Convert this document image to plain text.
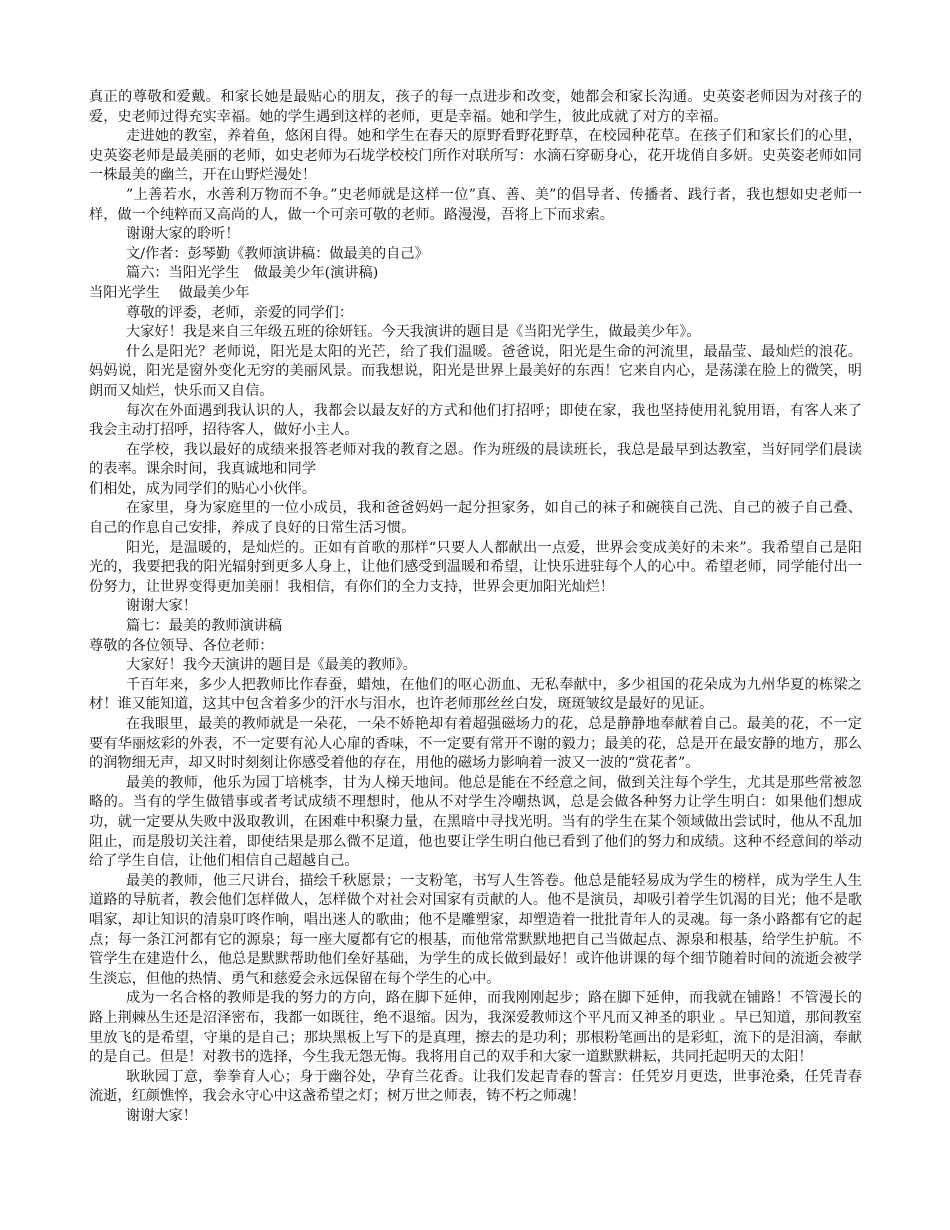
真正的尊敬和爱戴。和家长她是最贴心的朋友，孩子的每一点进步和改变，她都会和家长沟通。史英姿老师因为对孩子的爱，史老师过得充实幸福。她的学生遇到这样的老师，更是幸福。她和学生，彼此成就了对方的幸福。

走进她的教室，养着鱼，悠闲自得。她和学生在春天的原野看野花野草，在校园种花草。在孩子们和家长们的心里，史英姿老师是最美丽的老师，如史老师为石垅学校校门所作对联所写：水滴石穿砺身心，花开垅俏自多妍。史英姿老师如同一株最美的幽兰，开在山野烂漫处！

”上善若水，水善利万物而不争。”史老师就是这样一位”真、善、美”的倡导者、传播者、践行者，我也想如史老师一样，做一个纯粹而又高尚的人，做一个可亲可敬的老师。路漫漫，吾将上下而求索。

谢谢大家的聆听！

文/作者：彭琴勤《教师演讲稿：做最美的自己》

篇六：当阳光学生　做最美少年(演讲稿)

当阳光学生　 做最美少年

尊敬的评委，老师，亲爱的同学们：

大家好！我是来自三年级五班的徐妍钰。今天我演讲的题目是《当阳光学生，做最美少年》。

什么是阳光？老师说，阳光是太阳的光芒，给了我们温暖。爸爸说，阳光是生命的河流里，最晶莹、最灿烂的浪花。妈妈说，阳光是窗外变化无穷的美丽风景。而我想说，阳光是世界上最美好的东西！它来自内心，是荡漾在脸上的微笑，明朗而又灿烂，快乐而又自信。

每次在外面遇到我认识的人，我都会以最友好的方式和他们打招呼；即使在家，我也坚持使用礼貌用语，有客人来了我会主动打招呼，招待客人，做好小主人。

在学校，我以最好的成绩来报答老师对我的教育之恩。作为班级的晨读班长，我总是最早到达教室，当好同学们晨读的表率。课余时间，我真诚地和同学

们相处，成为同学们的贴心小伙伴。

在家里，身为家庭里的一位小成员，我和爸爸妈妈一起分担家务，如自己的袜子和碗筷自己洗、自己的被子自己叠、自己的作息自己安排，养成了良好的日常生活习惯。

阳光，是温暖的，是灿烂的。正如有首歌的那样“只要人人都献出一点爱，世界会变成美好的未来”。我希望自己是阳光的，我要把我的阳光辐射到更多人身上，让他们感受到温暖和希望，让快乐进驻每个人的心中。希望老师，同学能付出一份努力，让世界变得更加美丽！我相信，有你们的全力支持，世界会更加阳光灿烂！

谢谢大家！

篇七：最美的教师演讲稿

尊敬的各位领导、各位老师：

大家好！我今天演讲的题目是《最美的教师》。

千百年来，多少人把教师比作春蚕，蜡烛，在他们的呕心沥血、无私奉献中，多少祖国的花朵成为九州华夏的栋梁之材！谁又能知道，这其中包含着多少的汗水与泪水，也许老师那丝丝白发，斑斑皱纹是最好的见证。

在我眼里，最美的教师就是一朵花，一朵不娇艳却有着超强磁场力的花，总是静静地奉献着自己。最美的花，不一定要有华丽炫彩的外表，不一定要有沁人心扉的香味，不一定要有常开不谢的毅力；最美的花，总是开在最安静的地方，那么的润物细无声，却又时时刻刻让你感受着他的存在，用他的磁场力影响着一波又一波的“赏花者”。

最美的教师，他乐为园丁培桃李，甘为人梯天地间。他总是能在不经意之间，做到关注每个学生，尤其是那些常被忽略的。当有的学生做错事或者考试成绩不理想时，他从不对学生冷嘲热讽，总是会做各种努力让学生明白：如果他们想成功，就一定要从失败中汲取教训，在困难中积聚力量，在黑暗中寻找光明。当有的学生在某个领域做出尝试时，他从不乱加阻止，而是殷切关注着，即使结果是那么微不足道，他也要让学生明白他已看到了他们的努力和成绩。这种不经意间的举动给了学生自信，让他们相信自己超越自己。

最美的教师，他三尺讲台，描绘千秋愿景；一支粉笔，书写人生答卷。他总是能轻易成为学生的榜样，成为学生人生道路的导航者，教会他们怎样做人，怎样做个对社会对国家有贡献的人。他不是演员，却吸引着学生饥渴的目光；他不是歌唱家，却让知识的清泉叮咚作响，唱出迷人的歌曲；他不是雕塑家，却塑造着一批批青年人的灵魂。每一条小路都有它的起点；每一条江河都有它的源泉；每一座大厦都有它的根基，而他常常默默地把自己当做起点、源泉和根基，给学生护航。不管学生在建造什么，他总是默默帮助他们垒好基础，为学生的成长做到最好！或许他讲课的每个细节随着时间的流逝会被学生淡忘，但他的热情、勇气和慈爱会永远保留在每个学生的心中。

成为一名合格的教师是我的努力的方向，路在脚下延伸，而我刚刚起步；路在脚下延伸，而我就在铺路！不管漫长的路上荆棘丛生还是沼泽密布，我都一如既往，绝不退缩。因为，我深爱教师这个平凡而又神圣的职业 。早已知道，那间教室里放飞的是希望，守巢的是自己；那块黑板上写下的是真理，擦去的是功利；那根粉笔画出的是彩虹，流下的是泪滴，奉献的是自己。但是！对教书的选择，今生我无怨无悔。我将用自己的双手和大家一道默默耕耘，共同托起明天的太阳！

耿耿园丁意，拳拳育人心；身于幽谷处，孕育兰花香。让我们发起青春的誓言：任凭岁月更迭，世事沧桑，任凭青春流逝，红颜憔悴，我会永守心中这盏希望之灯；树万世之师表，铸不朽之师魂！

谢谢大家！
